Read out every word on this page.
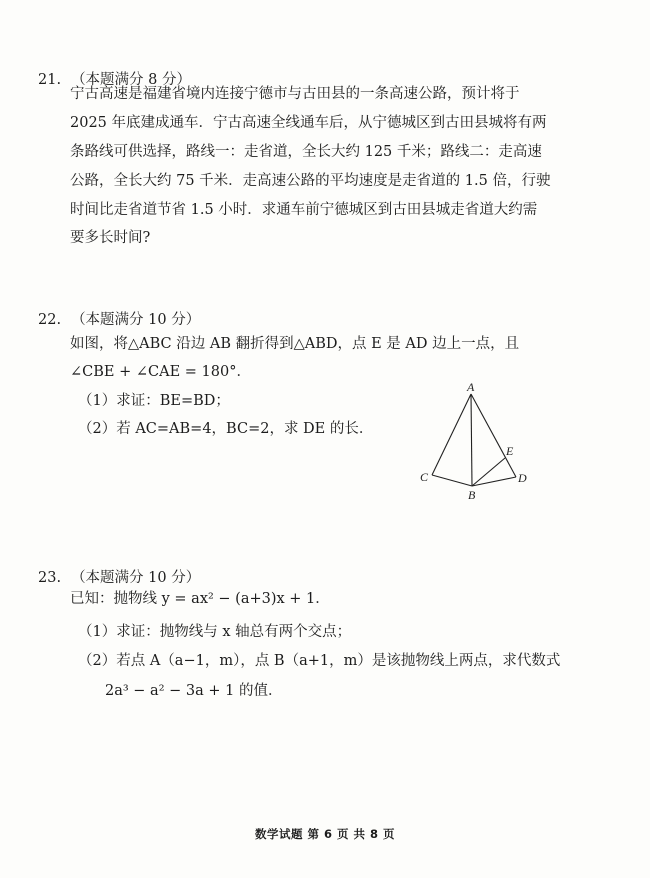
21. （本题满分 8 分）
宁古高速是福建省境内连接宁德市与古田县的一条高速公路，预计将于
2025 年底建成通车．宁古高速全线通车后，从宁德城区到古田县城将有两
条路线可供选择，路线一：走省道，全长大约 125 千米；路线二：走高速
公路，全长大约 75 千米．走高速公路的平均速度是走省道的 1.5 倍，行驶
时间比走省道节省 1.5 小时．求通车前宁德城区到古田县城走省道大约需
要多长时间?
22. （本题满分 10 分）
如图，将△ABC 沿边 AB 翻折得到△ABD，点 E 是 AD 边上一点，且
∠CBE + ∠CAE = 180°．
（1）求证：BE=BD；
（2）若 AC=AB=4，BC=2，求 DE 的长．
A
B
C	D
E
23. （本题满分 10 分）
已知：抛物线 y = ax² − (a+3)x + 1．
（1）求证：抛物线与 x 轴总有两个交点；
（2）若点 A（a−1，m），点 B（a+1，m）是该抛物线上两点，求代数式
2a³ − a² − 3a + 1 的值．
数学试题 第 6 页 共 8 页
